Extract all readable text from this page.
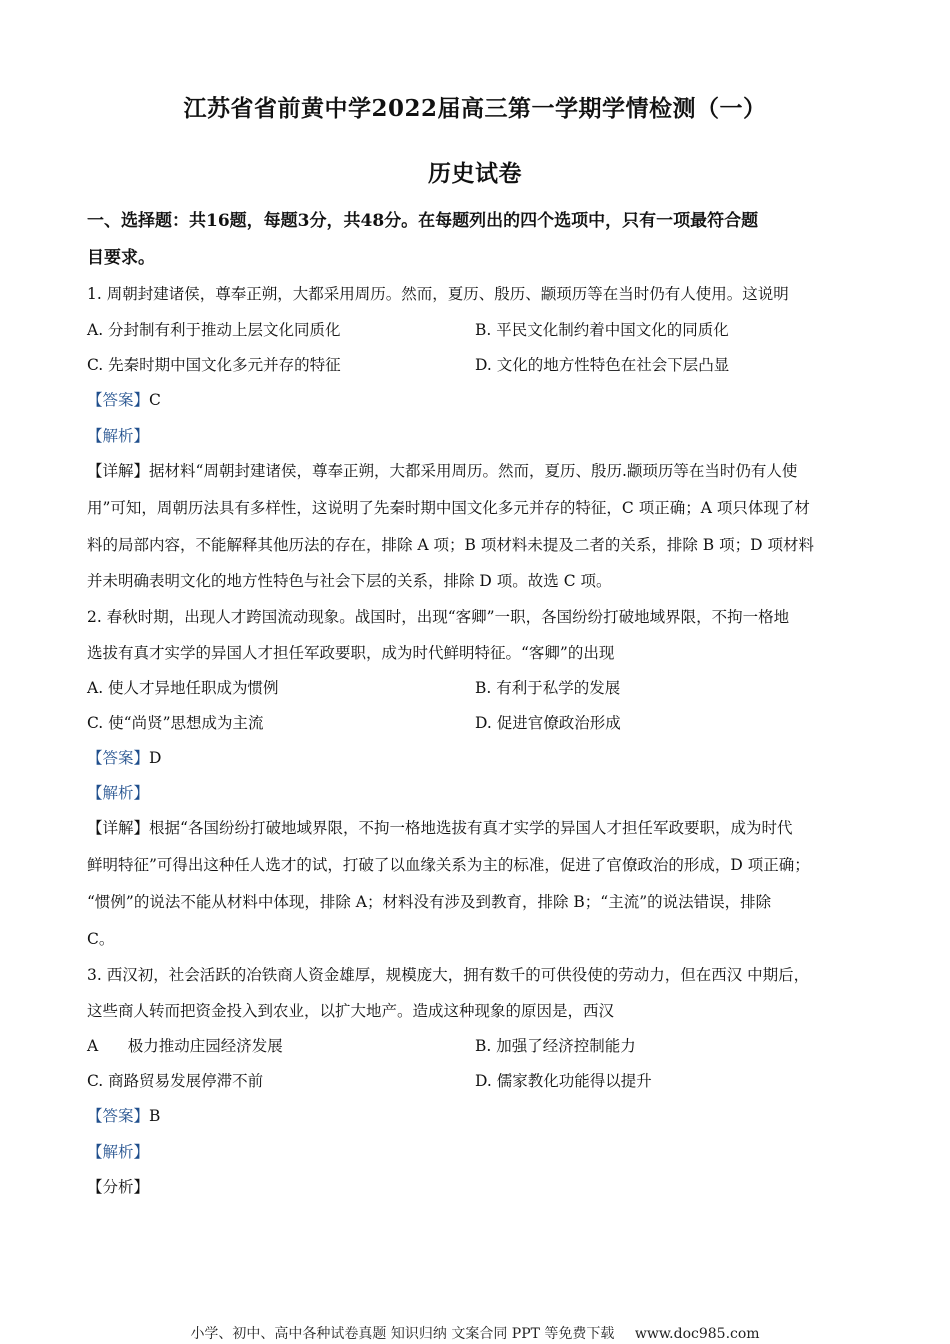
江苏省省前黄中学2022届高三第一学期学情检测（一）
历史试卷
一、选择题：共16题，每题3分，共48分。在每题列出的四个选项中，只有一项最符合题
目要求。
1. 周朝封建诸侯，尊奉正朔，大都采用周历。然而，夏历、殷历、颛顼历等在当时仍有人使用。这说明
A. 分封制有利于推动上层文化同质化	B. 平民文化制约着中国文化的同质化
C. 先秦时期中国文化多元并存的特征	D. 文化的地方性特色在社会下层凸显
【答案】C
【解析】
【详解】据材料“周朝封建诸侯，尊奉正朔，大都采用周历。然而，夏历、殷历.颛顼历等在当时仍有人使
用”可知，周朝历法具有多样性，这说明了先秦时期中国文化多元并存的特征，C 项正确；A 项只体现了材
料的局部内容，不能解释其他历法的存在，排除 A 项；B 项材料未提及二者的关系，排除 B 项；D 项材料
并未明确表明文化的地方性特色与社会下层的关系，排除 D 项。故选 C 项。
2. 春秋时期，出现人才跨国流动现象。战国时，出现“客卿”一职，各国纷纷打破地域界限，不拘一格地
选拔有真才实学的异国人才担任军政要职，成为时代鲜明特征。“客卿”的出现
A. 使人才异地任职成为惯例	B. 有利于私学的发展
C. 使“尚贤”思想成为主流	D. 促进官僚政治形成
【答案】D
【解析】
【详解】根据“各国纷纷打破地域界限，不拘一格地选拔有真才实学的异国人才担任军政要职，成为时代
鲜明特征”可得出这种任人选才的试，打破了以血缘关系为主的标准，促进了官僚政治的形成，D 项正确；
“惯例”的说法不能从材料中体现，排除 A；材料没有涉及到教育，排除 B；“主流”的说法错误，排除
C。
3. 西汉初，社会活跃的冶铁商人资金雄厚，规模庞大，拥有数千的可供役使的劳动力，但在西汉 中期后，
这些商人转而把资金投入到农业，以扩大地产。造成这种现象的原因是，西汉
A      极力推动庄园经济发展	B. 加强了经济控制能力
C. 商路贸易发展停滞不前	D. 儒家教化功能得以提升
【答案】B
【解析】
【分析】
小学、初中、高中各种试卷真题 知识归纳 文案合同 PPT 等免费下载 www.doc985.com
